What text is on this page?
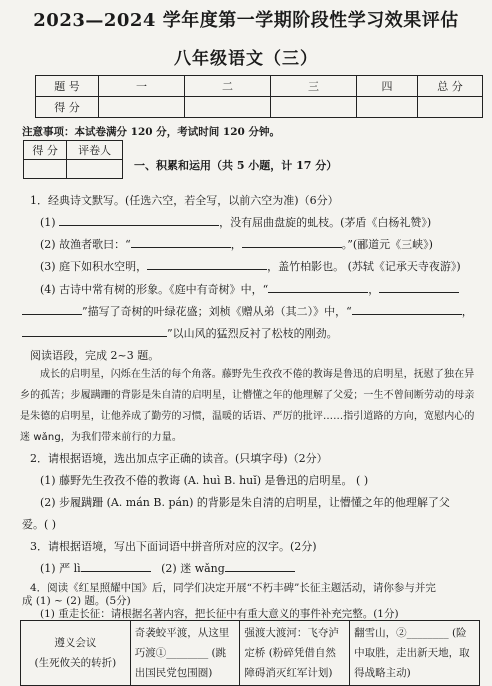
2023—2024 学年度第一学期阶段性学习效果评估
八年级语文（三）
题 号	一	二	三	四	总 分
得 分					
注意事项：本试卷满分 120 分，考试时间 120 分钟。
得 分	评卷人

一、积累和运用（共 5 小题，计 17 分）
1．经典诗文默写。(任选六空，若全写，以前六空为准)（6分）
(1)	，没有屈曲盘旋的虬枝。(茅盾《白杨礼赞》)
(2) 故渔者歌曰：“	，	。”(郦道元《三峡》)
(3) 庭下如积水空明，	，盖竹柏影也。 (苏轼《记承天寺夜游》)
(4) 古诗中常有树的形象。《庭中有奇树》中，“	，
”描写了奇树的叶绿花盛；刘桢《赠从弟（其二）》中，“	，
”以山风的猛烈反衬了松枝的刚劲。
阅读语段，完成 2~3 题。
成长的启明星，闪烁在生活的每个角落。藤野先生孜孜不倦的教诲是鲁迅的启明星，抚慰了独在异乡的孤苦；步履蹒跚的背影是朱自清的启明星，让懵懂之年的他理解了父爱；一生不曾间断劳动的母亲是朱德的启明星，让他养成了勤劳的习惯，温暖的话语、严厉的批评……指引道路的方向，宽慰内心的迷 wǎng，为我们带来前行的力量。
2．请根据语境，选出加点字正确的读音。(只填字母)（2分）
(1) 藤野先生孜孜不倦的教诲 (A. huì B. huǐ) 是鲁迅的启明星。 ( )
(2) 步履蹒跚 (A. mán B. pán) 的背影是朱自清的启明星，让懵懂之年的他理解了父
爱。( )
3．请根据语境，写出下面词语中拼音所对应的汉字。(2分)
(1) 严 lì	(2) 迷 wǎng
4．阅读《红星照耀中国》后，同学们决定开展“不朽丰碑”长征主题活动，请你参与并完
成 (1) ~ (2) 题。(5分)
(1) 重走长征：请根据名著内容，把长征中有重大意义的事件补充完整。(1分)
遵义会议
(生死攸关的转折)
	奇袭蛟平渡，从这里巧渡①________ (跳出国民党包围圈)	强渡大渡河：飞夺泸定桥 (粉碎凭借自然障碍消灭红军计划)	翻雪山，②________ (险中取胜，走出新天地，取得战略主动)
